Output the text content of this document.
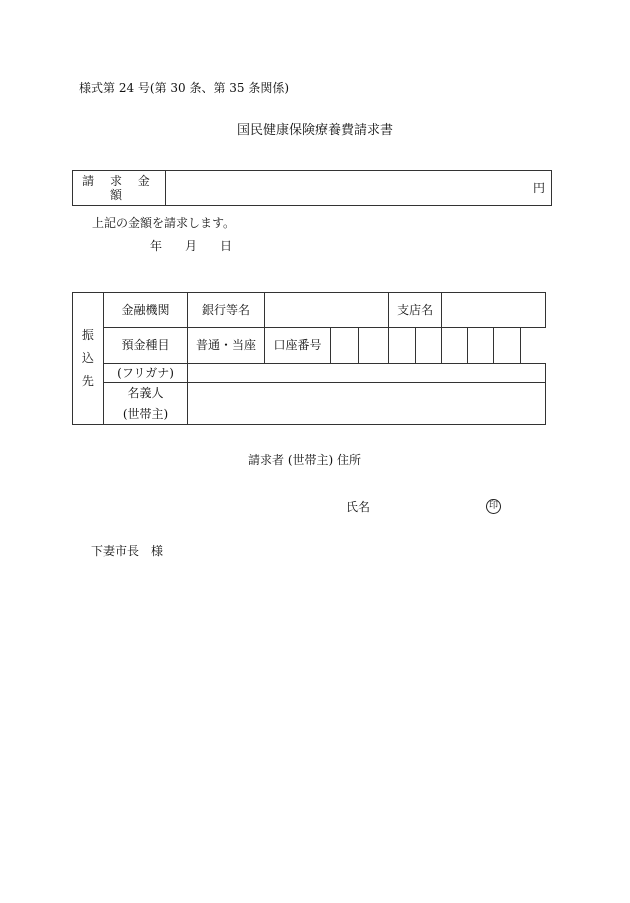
様式第 24 号(第 30 条、第 35 条関係)
国民健康保険療養費請求書
請 求 金 額	円
上記の金額を請求します。
年 月 日
振
込
先	金融機関	銀行等名				支店名				
	預金種目	普通・当座	口座番号							
	(フリガナ)									
	名義人
(世帯主)									
請求者 (世帯主) 住所
氏名	印
下妻市長　様
